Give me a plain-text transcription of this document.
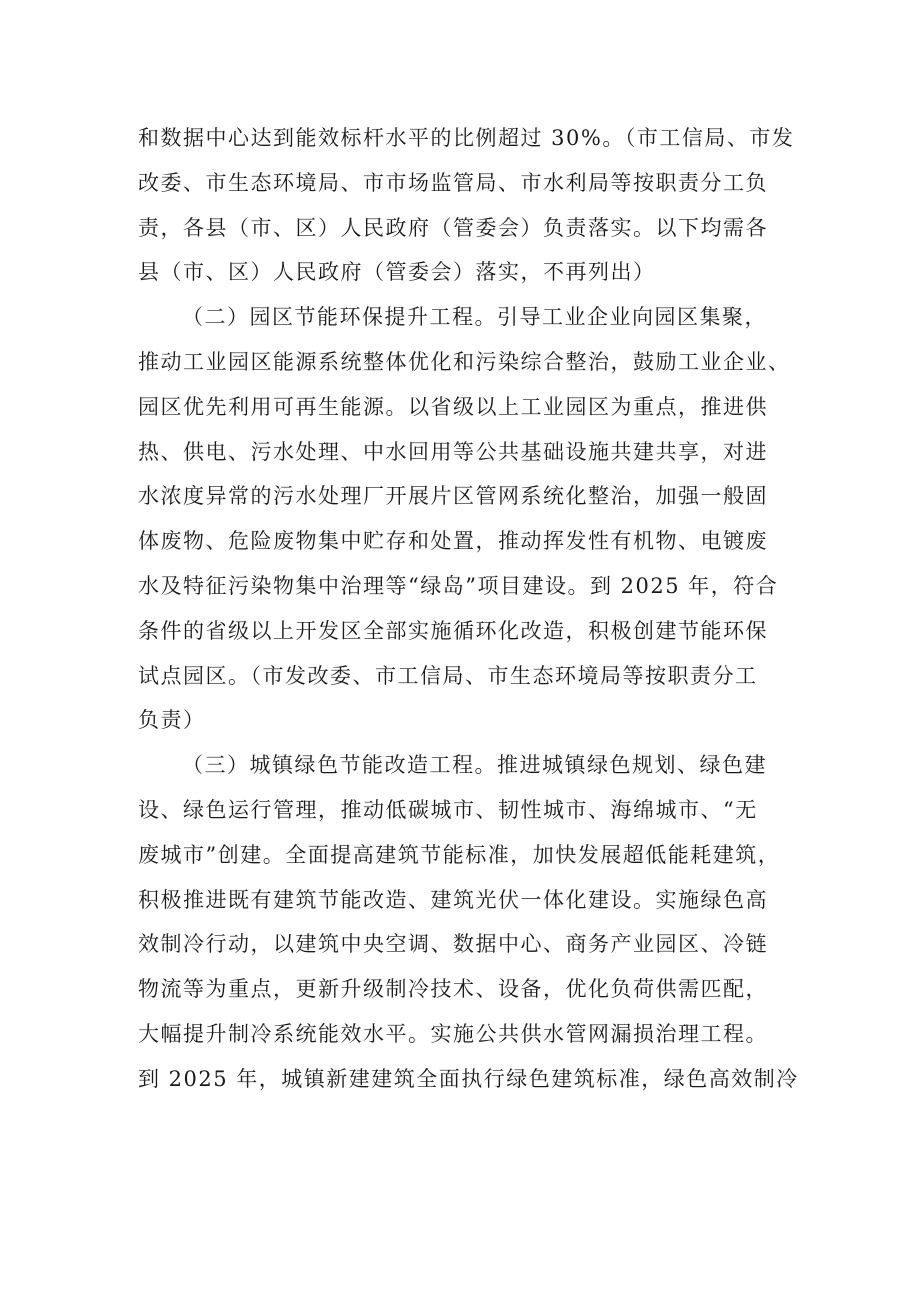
和数据中心达到能效标杆水平的比例超过 30%。（市工信局、市发
改委、市生态环境局、市市场监管局、市水利局等按职责分工负
责，各县（市、区）人民政府（管委会）负责落实。以下均需各
县（市、区）人民政府（管委会）落实，不再列出）
（二）园区节能环保提升工程。引导工业企业向园区集聚，
推动工业园区能源系统整体优化和污染综合整治，鼓励工业企业、
园区优先利用可再生能源。以省级以上工业园区为重点，推进供
热、供电、污水处理、中水回用等公共基础设施共建共享，对进
水浓度异常的污水处理厂开展片区管网系统化整治，加强一般固
体废物、危险废物集中贮存和处置，推动挥发性有机物、电镀废
水及特征污染物集中治理等“绿岛”项目建设。到 2025 年，符合
条件的省级以上开发区全部实施循环化改造，积极创建节能环保
试点园区。（市发改委、市工信局、市生态环境局等按职责分工
负责）
（三）城镇绿色节能改造工程。推进城镇绿色规划、绿色建
设、绿色运行管理，推动低碳城市、韧性城市、海绵城市、“无
废城市”创建。全面提高建筑节能标准，加快发展超低能耗建筑，
积极推进既有建筑节能改造、建筑光伏一体化建设。实施绿色高
效制冷行动，以建筑中央空调、数据中心、商务产业园区、冷链
物流等为重点，更新升级制冷技术、设备，优化负荷供需匹配，
大幅提升制冷系统能效水平。实施公共供水管网漏损治理工程。
到 2025 年，城镇新建建筑全面执行绿色建筑标准，绿色高效制冷
